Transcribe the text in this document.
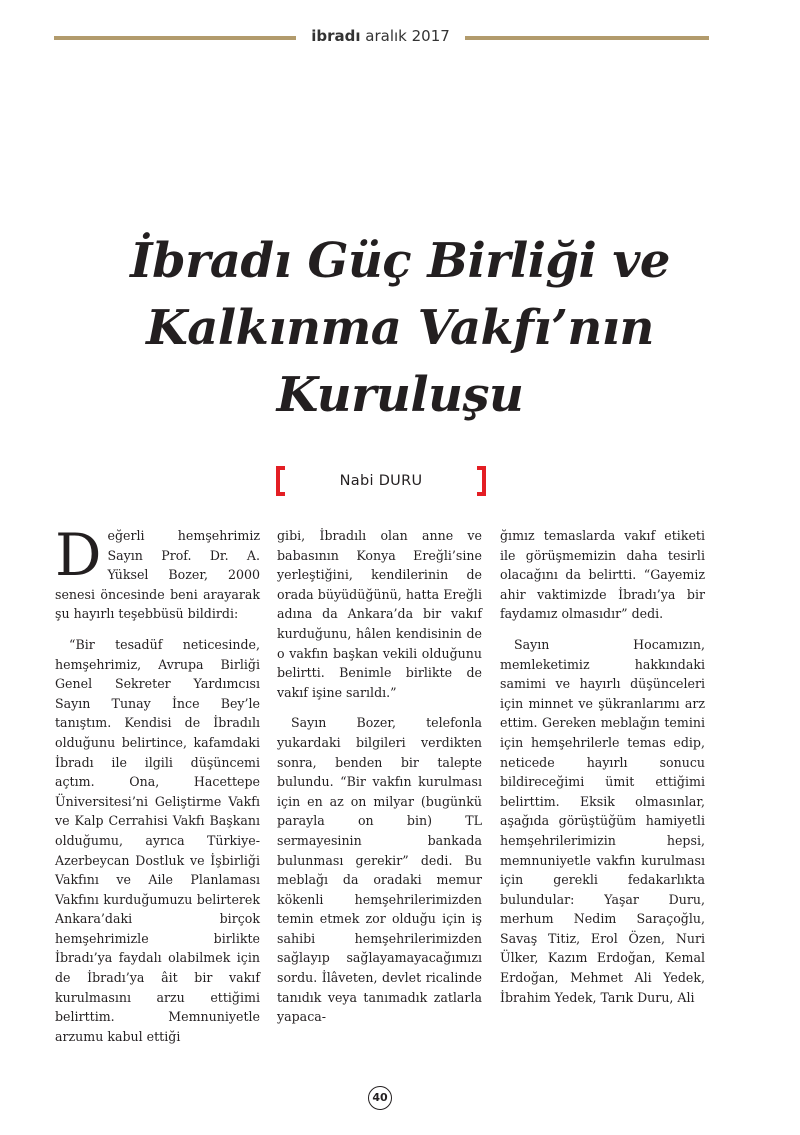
ibradı aralık 2017
İbradı Güç Birliği ve
Kalkınma Vakfı’nın
Kuruluşu
Nabi DURU

Değerli hemşehrimiz Sayın Prof. Dr. A. Yüksel Bozer, 2000 senesi öncesinde beni arayarak şu hayırlı teşebbüsü bildirdi:

“Bir tesadüf neticesinde, hemşehrimiz, Avrupa Birliği Genel Sekreter Yardımcısı Sayın Tunay İnce Bey’le tanıştım. Kendisi de İbradılı olduğunu belirtince, kafamdaki İbradı ile ilgili düşüncemi açtım. Ona, Hacettepe Üniversitesi’ni Geliştirme Vakfı ve Kalp Cerrahisi Vakfı Başkanı olduğumu, ayrıca Türkiye-Azerbeycan Dostluk ve İşbirliği Vakfını ve Aile Planlaması Vakfını kurduğumuzu belirterek Ankara’daki birçok hemşehrimizle birlikte İbradı’ya faydalı olabilmek için de İbradı’ya âit bir vakıf kurulmasını arzu ettiğimi belirttim. Memnuniyetle arzumu kabul ettiği

gibi, İbradılı olan anne ve babasının Konya Ereğli’sine yerleştiğini, kendilerinin de orada büyüdüğünü, hatta Ereğli adına da Ankara’da bir vakıf kurduğunu, hâlen kendisinin de o vakfın başkan vekili olduğunu belirtti. Benimle birlikte de vakıf işine sarıldı.”

Sayın Bozer, telefonla yukardaki bilgileri verdikten sonra, benden bir talepte bulundu. “Bir vakfın kurulması için en az on milyar (bugünkü parayla on bin) TL sermayesinin bankada bulunması gerekir” dedi. Bu meblağı da oradaki memur kökenli hemşehrilerimizden temin etmek zor olduğu için iş sahibi hemşehrilerimizden sağlayıp sağlayamayacağımızı sordu. İlâveten, devlet ricalinde tanıdık veya tanımadık zatlarla yapaca-

ğımız temaslarda vakıf etiketi ile görüşmemizin daha tesirli olacağını da belirtti. “Gayemiz ahir vaktimizde İbradı’ya bir faydamız olmasıdır” dedi.

Sayın Hocamızın, memleketimiz hakkındaki samimi ve hayırlı düşünceleri için minnet ve şükranlarımı arz ettim. Gereken meblağın temini için hemşehrilerle temas edip, neticede hayırlı sonucu bildireceğimi ümit ettiğimi belirttim. Eksik olmasınlar, aşağıda görüştüğüm hamiyetli hemşehrilerimizin hepsi, memnuniyetle vakfın kurulması için gerekli fedakarlıkta bulundular: Yaşar Duru, merhum Nedim Saraçoğlu, Savaş Titiz, Erol Özen, Nuri Ülker, Kazım Erdoğan, Kemal Erdoğan, Mehmet Ali Yedek, İbrahim Yedek, Tarık Duru, Ali

40
